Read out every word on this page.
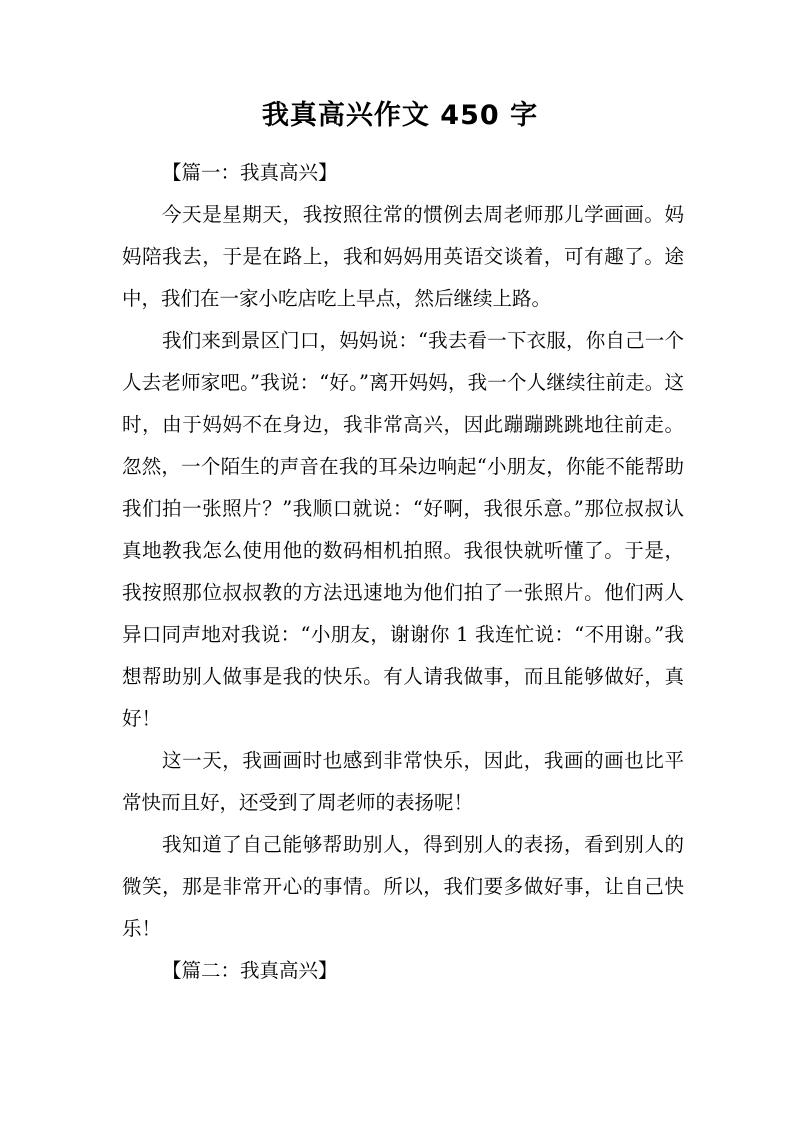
我真高兴作文 450 字
【篇一：我真高兴】

今天是星期天，我按照往常的惯例去周老师那儿学画画。妈妈陪我去，于是在路上，我和妈妈用英语交谈着，可有趣了。途中，我们在一家小吃店吃上早点，然后继续上路。

我们来到景区门口，妈妈说：“我去看一下衣服，你自己一个人去老师家吧。”我说：“好。”离开妈妈，我一个人继续往前走。这时，由于妈妈不在身边，我非常高兴，因此蹦蹦跳跳地往前走。忽然，一个陌生的声音在我的耳朵边响起“小朋友，你能不能帮助我们拍一张照片？”我顺口就说：“好啊，我很乐意。”那位叔叔认真地教我怎么使用他的数码相机拍照。我很快就听懂了。于是，我按照那位叔叔教的方法迅速地为他们拍了一张照片。他们两人异口同声地对我说：“小朋友，谢谢你 1 我连忙说：“不用谢。”我想帮助别人做事是我的快乐。有人请我做事，而且能够做好，真好！

这一天，我画画时也感到非常快乐，因此，我画的画也比平常快而且好，还受到了周老师的表扬呢！

我知道了自己能够帮助别人，得到别人的表扬，看到别人的微笑，那是非常开心的事情。所以，我们要多做好事，让自己快乐！

【篇二：我真高兴】
